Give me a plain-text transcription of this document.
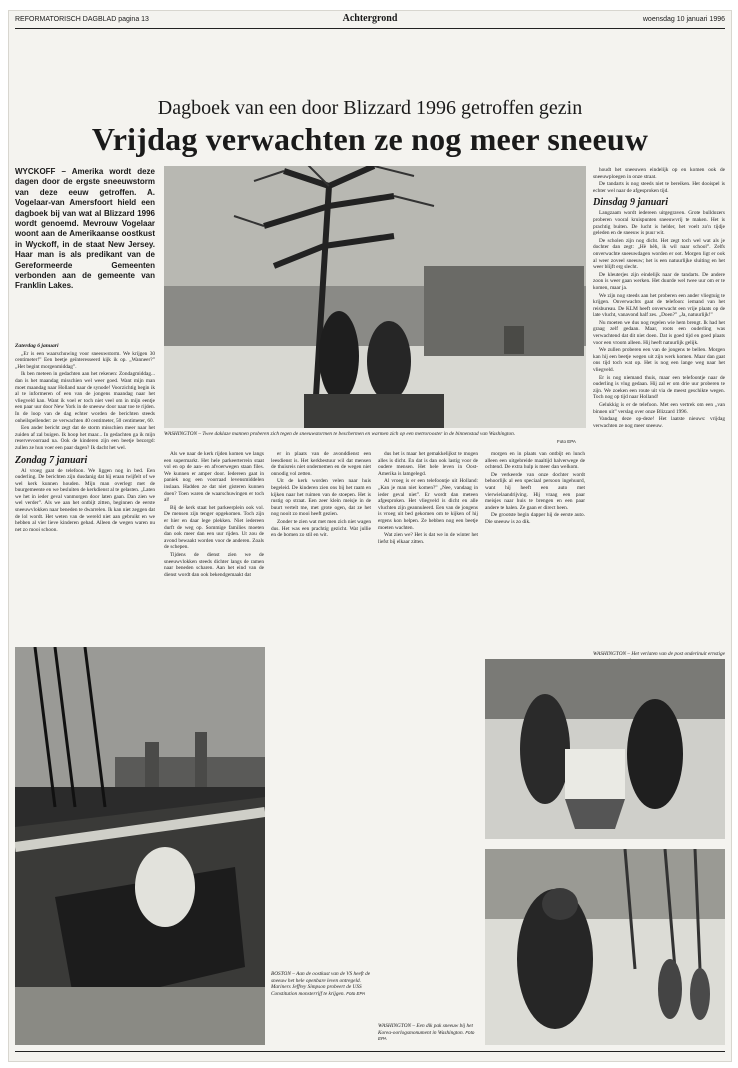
REFORMATORISCH DAGBLAD pagina 13	Achtergrond	woensdag 10 januari 1996
Dagboek van een door Blizzard 1996 getroffen gezin
Vrijdag verwachten ze nog meer sneeuw
WYCKOFF – Amerika wordt deze dagen door de ergste sneeuwstorm van deze eeuw getroffen. A. Vogelaar-van Amersfoort hield een dagboek bij van wat al Blizzard 1996 wordt genoemd. Mevrouw Vogelaar woont aan de Amerikaanse oostkust in Wyckoff, in de staat New Jersey. Haar man is als predikant van de Gereformeerde Gemeenten verbonden aan de gemeente van Franklin Lakes.
Zaterdag 6 januari

„Er is een waarschuwing voor sneeuwstorm. We krijgen 30 centimeter!” Een beetje geïnteresseerd kijk ik op. „Wanneer?” „Het begint morgenmiddag”.

Ik ben meteen in gedachten aan het rekenen: Zondagmiddag... dan is het maandag misschien wel weer goed. Want mijn man moet maandag naar Holland naar de synode! Voorzichtig begin ik al te informeren of een van de jongens maandag naar het vliegveld kan. Want ik voel er toch niet veel om in mijn eentje een paar uur door New York in de sneeuw door naar toe te rijden. In de loop van de dag echter worden de berichten steeds onheilspellender: ze verwachten 40 centimeter, 50 centimeter, 60.

Een ander bericht zegt dat de storm misschien meer naar het zuiden af zal buigen. Ik hoop het maar... In gedachten ga ik mijn reservevoorraad na. Ook de kinderen zijn een beetje bezorgd: zullen ze hun voer een paar dagen? Ik dacht het wel.

Zondag 7 januari

Al vroeg gaat de telefoon. We liggen nog in bed. Een ouderling. De berichten zijn dusdanig dat hij eraan twijfelt of we wel kerk kunnen houden. Mijn man overlegt met de buurgemeente en we besluiten de kerkdienst al te gelasten. „Laten we het in ieder geval vanmorgen door laten gaan. Dan zien we wel verder”. Als we aan het ontbijt zitten, beginnen de eerste sneeuwvlokken naar beneden te dwarrelen. Ik kan niet zeggen dat de lol wordt. Het weten van de wereld niet aan gebruikt en we hebben al vier lieve kinderen gehad. Alleen de wegen waren nu net zo mooi schoon.

WASHINGTON – Twee daklaze mannen proberen zich tegen de sneeuwstormen te beschermen en warmen zich op een metrorooster in de binnenstad van Washington.
Foto EPA

houdt het sneeuwen eindelijk op en komen ook de sneeuwploegen in onze straat.

De tandarts is nog steeds niet te bereiken. Het dooispel is echter wel naar de afgesproken tijd.

Dinsdag 9 januari

Langzaam wordt iedereen uitgegraven. Grote bulldozers proberen vooral kruispunten sneeuwvrij te maken. Het is prachtig buiten. De lucht is helder, het voelt zo'n tijdje geleden en de sneeuw is puur wit.

De scholen zijn nog dicht. Het zegt toch wel wat als je dochter dan zegt: „Hè hèh, ik wil naar school”. Zelfs onverwachte sneeuwdagen worden er oot. Morgen ligt er ook al weer zoveel sneeuw; het is een natuurlijke sluiting en het weer blijft erg slecht.

De kleuterjes zijn eindelijk naar de tandarts. De andere zoon is weer gaan werken. Het duurde wel twee uur om er te komen, maar ja.

We zijn nog steeds aan het proberen een ander vliegtuig te krijgen. Onverwachts gaat de telefoon: iemand van het reisbureau. De KLM heeft onverwacht een vrije plaats op de late vlucht, vanavond half zes. „Doen?” „Ja, natuurlijk!”

Nu moeten we dus nog regelen wie hem brengt. Ik had het graag zelf gedaan. Maar, roots een ouderling was verwachtend dat dit niet doen. Dat is goed tijd en goed plaats voor een vroom alleen. Hij heeft natuurlijk gelijk.

We zullen proberen een van de jongens te bellen. Morgen kan hij een beetje wegen uit zijn werk komen. Maar dan gaat ons tijd toch wat op. Het is nog een lange weg naar het vliegveld.

Er is nog niemand thuis, maar een telefoontje naar de ouderling is vlug gedaan. Hij zal er om drie uur proberen te zijn. We zoeken een route uit via de meest geschikte wegen. Toch nog op tijd naar Holland!

Gelukkig is er de telefoon. Met een vertrek om een „van binnen uit” verslag over onze Blizzard 1996.

Vandaag deze op-deze! Het laatste nieuws: vrijdag verwachten ze nog meer sneeuw.

WASHINGTON – Het verlaten van de post onderinuit ernstige

Als we naar de kerk rijden komen we langs een supermarkt. Het hele parkeerterrein staat vol en op de aan- en afvoerwegen staan files. We kunnen er amper door. Iedereen gaat in paniek nog een voorraad levensmiddelen inslaan. Hadden ze dat niet gisteren kunnen doen? Toen waren de waarschuwingen er toch al!

Bij de kerk staat het parkeerplein ook vol. De mensen zijn tenger opgekomen. Toch zijn er hier en daar lege plekken. Niet iedereen durft de weg op. Sommige families moeten dan ook meer dan een uur rijden. Ut zou de avond bewaakt worden voor de anderen. Zoals de schepen.

Tijdens de dienst zien we de sneeuwvlokken steeds dichter langs de ramen naar beneden scharen. Aan het eind van de dienst wordt dan ook bekendgemaakt dat

er in plaats van de avonddienst een leesdienst is. Het kerkbestuur wil dat mensen de thuisreis niet ondernemen en de wegen niet onnodig vol zetten.

Uit de kerk worden velen naar huis begeleid. De kinderen zien ons bij het raam en kijken naar het ruimen van de stoepen. Het is rustig op straat. Een zeer klein meisje in de buurt vertelt me, met grote ogen, dat ze het nog nooit zo mooi heeft gezien.

Zonder te zien wat met men zich niet wagen dus. Het was een prachtig gezicht. Wat jullie en de bomen zo stil en wit.

dus het is maar het gemakkelijkst te mogen alles is dicht. En dat is dan ook lastig voor de oudere mensen. Het hele leven in Oost-Amerika is lamgelegd.

Al vroeg is er een telefoontje uit Holland: „Kan je man niet komen?” „Nee, vandaag in ieder geval niet”. Er wordt dan meteen afgesproken. Het vliegveld is dicht en alle vluchten zijn geannuleerd. Een van de jongens is vroeg uit bed gekomen om te kijken of hij ergens kon helpen. Ze hebben nog een beetje moeten wachten.

Wat zien we? Het is dat we in de winter het liefst bij elkaar zitten.

morgen en in plaats van ontbijt en lunch alleen een uitgebreide maaltijd halverwege de ochtend. De extra hulp is meer dan welkom.

De verkeerde van onze dochter wordt behoorlijk al een speciaal persoon ingehuurd, want hij heeft een auto met vierwielaandrijving. Hij vraag een paar meisjes naar huis te brengen en een paar andere te halen. Ze gaan er direct heen.

De grootste begin dapper hij de eerste auto. Die sneeuw is zo dik.

BOSTON – Aan de oostkust van de VS heeft de sneeuw het hele openbare leven ontregeld. Mariners Jeffrey Simpson probeert de USS Constitution monsterrijf te krijgen. Foto EPA
WASHINGTON – Een dik pak sneeuw bij het Korea-oorlogsmonument in Washington. Foto EPA
